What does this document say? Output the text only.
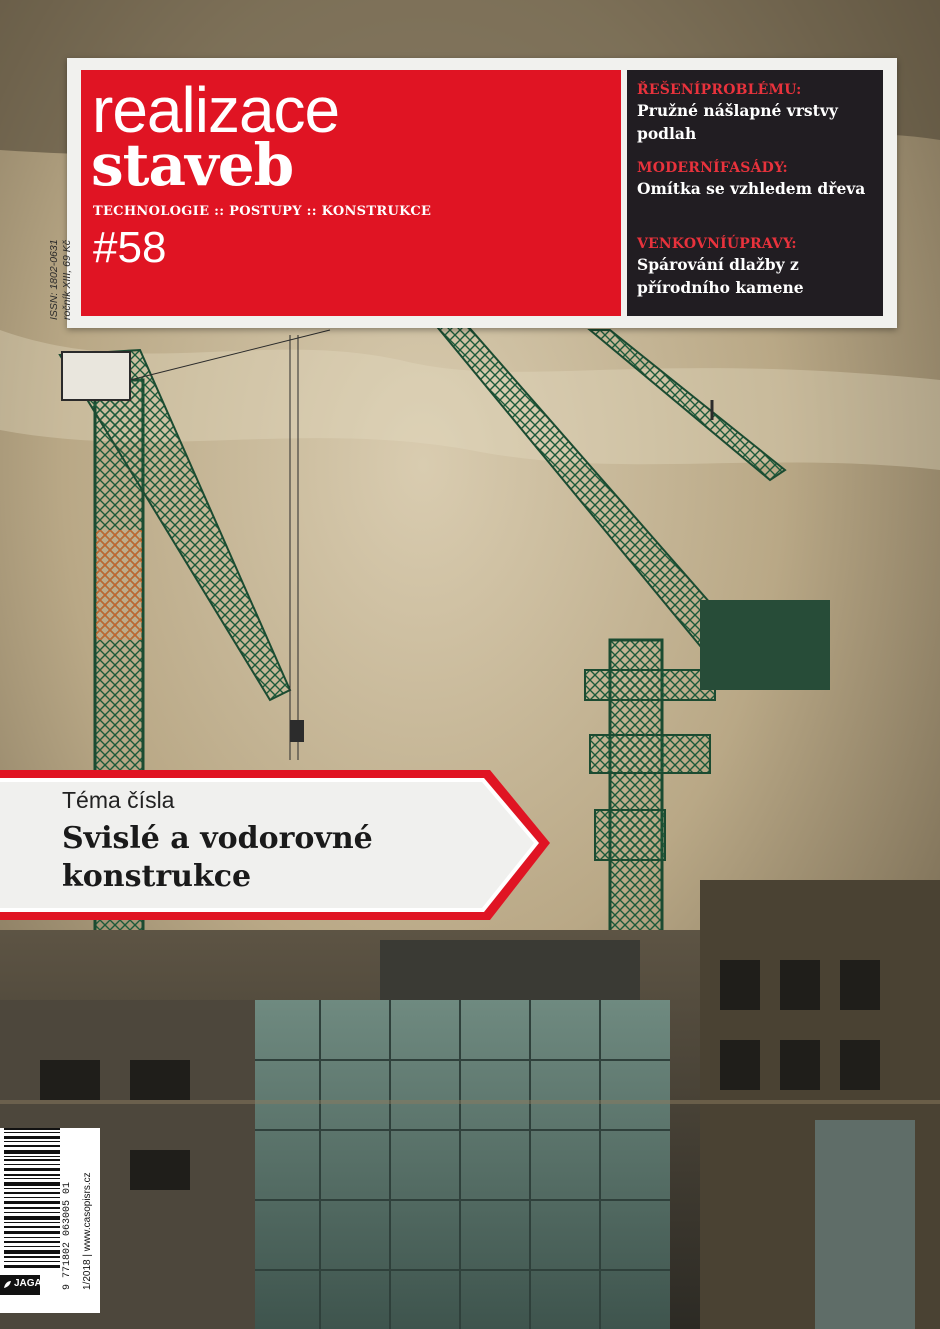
realizace
staveb
TECHNOLOGIE :: POSTUPY :: KONSTRUKCE
#58
ŘEŠENÍPROBLÉMU:
Pružné nášlapné vrstvy podlah
MODERNÍFASÁDY:
Omítka se vzhledem dřeva
VENKOVNÍÚPRAVY:
Spárování dlažby z přírodního kamene
ISSN: 1802-0631 ročník XIII, 69 Kč
Téma čísla
Svislé a vodorovné konstrukce
9 771802 063005 01 1/2018 | www.casopisrs.cz
JAGA
